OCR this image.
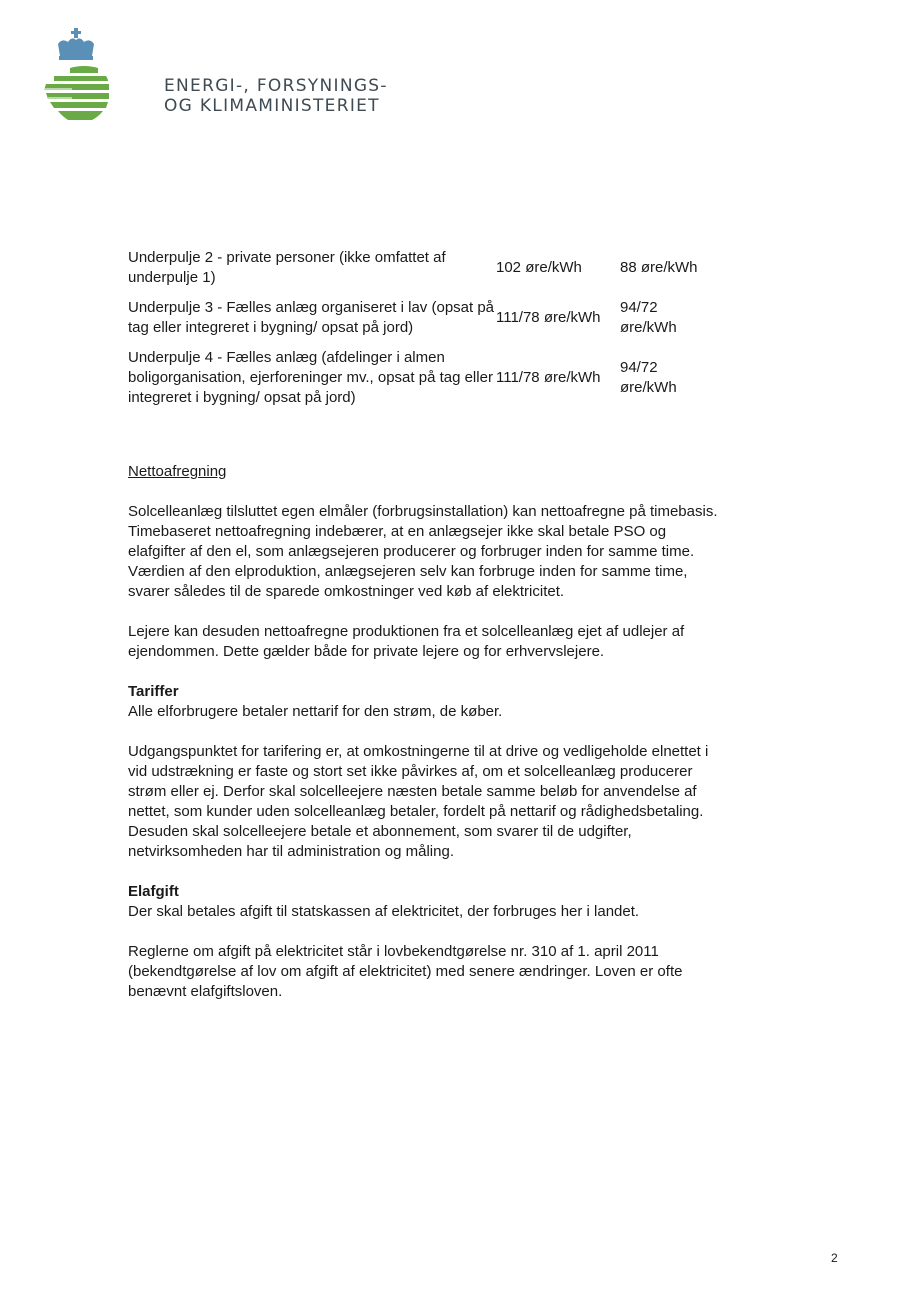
ENERGI-, FORSYNINGS-
OG KLIMAMINISTERIET
Underpulje 2 - private personer (ikke omfattet af underpulje 1)	102 øre/kWh	88 øre/kWh
Underpulje 3 - Fælles anlæg organiseret i lav (opsat på tag eller integreret i bygning/ opsat på jord)	111/78 øre/kWh	94/72 øre/kWh
Underpulje 4 - Fælles anlæg (afdelinger i almen boligorganisation, ejerforeninger mv., opsat på tag eller integreret i bygning/ opsat på jord)	111/78 øre/kWh	94/72 øre/kWh

Nettoafregning

Solcelleanlæg tilsluttet egen elmåler (forbrugsinstallation) kan nettoafregne på timebasis. Timebaseret nettoafregning indebærer, at en anlægsejer ikke skal betale PSO og elafgifter af den el, som anlægsejeren producerer og forbruger inden for samme time. Værdien af den elproduktion, anlægsejeren selv kan forbruge inden for samme time, svarer således til de sparede omkostninger ved køb af elektricitet.

Lejere kan desuden nettoafregne produktionen fra et solcelleanlæg ejet af udlejer af ejendommen. Dette gælder både for private lejere og for erhvervslejere.

Tariffer

Alle elforbrugere betaler nettarif for den strøm, de køber.

Udgangspunktet for tarifering er, at omkostningerne til at drive og vedligeholde elnettet i vid udstrækning er faste og stort set ikke påvirkes af, om et solcelleanlæg producerer strøm eller ej. Derfor skal solcelleejere næsten betale samme beløb for anvendelse af nettet, som kunder uden solcelleanlæg betaler, fordelt på nettarif og rådighedsbetaling. Desuden skal solcelleejere betale et abonnement, som svarer til de udgifter, netvirksomheden har til administration og måling.

Elafgift

Der skal betales afgift til statskassen af elektricitet, der forbruges her i landet.

Reglerne om afgift på elektricitet står i lovbekendtgørelse nr. 310 af 1. april 2011 (bekendtgørelse af lov om afgift af elektricitet) med senere ændringer. Loven er ofte benævnt elafgiftsloven.

2
